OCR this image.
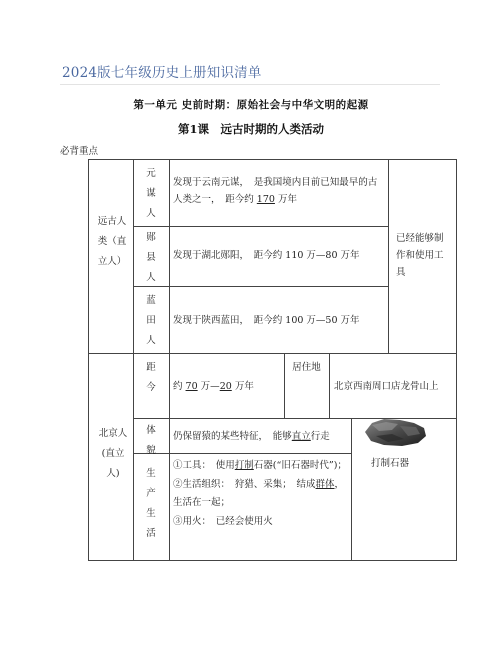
2024版七年级历史上册知识清单
第一单元 史前时期：原始社会与中华文明的起源
第1课　远古时期的人类活动
必背重点
远古人类（直立人）
元谋人
发现于云南元谋，　是我国境内目前已知最早的古人类之一，　距今约 170 万年
郧县人
发现于湖北郧阳，　距今约 110 万—80 万年
蓝田人
发现于陕西蓝田，　距今约 100 万—50 万年
已经能够制作和使用工具
北京人(直立人)
距今	约 70 万—20 万年
居住地
北京西南周口店龙骨山上
体貌
仍保留猿的某些特征，　能够直立行走
生产生活
①工具：　使用打制石器(“旧石器时代”)；
②生活组织：　狩猎、采集；　结成群体，　生活在一起；
③用火：　已经会使用火
打制石器
